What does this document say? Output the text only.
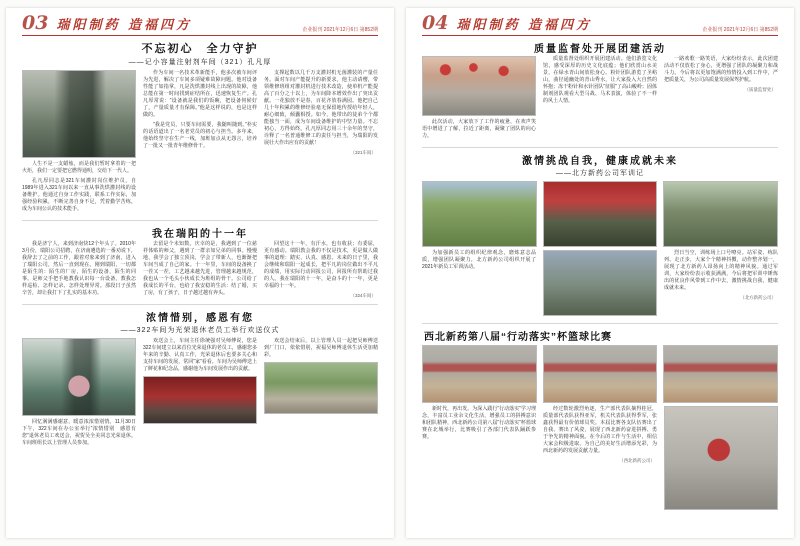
03 瑞阳制药 造福四方	企业报刊 2021年12月6日 第852期
不忘初心　全力守护
——记小容量注射剂车间（321）孔凡厚

人生不是一支蜡烛，而是我们暂时拿着的一把火炬，我们一定要把它燃得通明，交给下一代人。

孔凡厚同志是321车间灌封岗位维护员，自1989年进入321车间以来一直从事洗烘灌封线的设备维护。他通过自身工作实践，联系工作实际，加强经验积累，不断完善自身不足，凭着勤学苦练，成为车间公认的技术能手。

作为车间一名技术革新能手，他多次被车间评为先进，解决了车间多项疑难故障问题。他对设备性能了如指掌，凡是洗烘灌封线上出现的故障，他总能在第一时间找到症结所在，迅速恢复生产。孔凡厚常说：“设备就是我们的饭碗，把设备伺候好了，产量质量才有保障。”他是这样说的，也是这样做的。

“我是党员，只要车间需要，我随叫随到。”朴实的话语道出了一名老党员的初心与担当。多年来，他始终坚守在生产一线，加班加点从无怨言，培养了一批又一批青年维修骨干。

支撑起数以几千万支灌封机无菌灌装的产量任务。面对车间产能提升的新要求，他主动请缨，带领维修班组对灌封机进行技术改造，使单机产能提高了百分之十以上，为车间降本增效作出了突出贡献。一花独放不是春，百花齐放春满园。他把自己几十年积累的维修经验毫无保留地传授给年轻人，耐心细致，倾囊相授。如今，他带出的徒弟个个都能独当一面，成为车间设备维护的中坚力量。不忘初心，方得始终。孔凡厚同志用三十余年的坚守，诠释了一名普通维修工的责任与担当，为瑞阳的发展壮大作出应有的贡献！

（321车间）
我在瑞阳的十一年

我是济宁人，来到济南快12个年头了。2010年3月份，瑞阳公司招聘，在济南遴选的一番劝说下，我辞去了之前的工作，跟着对象来到了济南，进入了瑞阳公司，然后一直到现在。刚到瑞阳，一切都是陌生的：陌生的厂房，陌生的设备，陌生的同事。是师父手把手地教我认识每一台设备，教我怎样巡检、怎样记录、怎样处理异常。那段日子虽然辛苦，却让我打下了扎实的基本功。

去留是个未知数。庆幸的是，我遇到了一位慈祥体贴的师父，遇到了一群亲如兄弟的同事。慢慢地，我学会了独立顶岗，学会了带新人，也渐渐把车间当成了自己的家。十一年里，车间的设备换了一茬又一茬，工艺越来越先进，管理越来越规范，我也从一个毛头小伙成长为班组的骨干。公司给了我成长的平台，也给了我安稳的生活：结了婚，买了房，有了孩子，日子越过越有奔头。

回望这十一年，有汗水，也有收获；有委屈，更有感动。瑞阳教会我的不仅是技术，更是做人做事的道理：踏实、认真、感恩。未来的日子里，我会继续和瑞阳一起成长，把平凡的岗位做出不平凡的成绩，用实际行动回报公司，回报所有帮助过我的人。我在瑞阳的十一年，是奋斗的十一年，更是幸福的十一年。

（324车间）
浓情惜别，感恩有您
——322车间为光荣退休老员工举行欢送仪式

回忆满满感谢意，暖意浓浓惜别情。11月30日下午，322车间在办公室举行“浓情惜别　感恩有您”退休老员工欢送会，祝贺吴全美同志光荣退休。车间班组长以上管理人员参加。

欢送会上，车间主任徐统强对吴师傅说，您是322车间建立以来首位光荣退休的老员工，感谢您多年来的辛勤、认真工作，光荣退休后也要多关心和支持车间的发展，常回“家”看看。车间为吴师傅送上了鲜花和纪念品，感谢他为车间发展作出的贡献。

欢送会结束后，以上管理人员一起把吴师傅送到厂门口，依依惜别，祝福吴师傅退休生活更加精彩。

04 瑞阳制药 造福四方	企业报刊 2021年12月6日 第852期
质量监督处开展团建活动

此次活动，大家放下了工作的疲惫，在欢声笑语中增进了了解，拉近了距离，凝聚了团队的向心力。

质量监督处组织开展团建活动。他们游览文化馆，感受深厚的历史文化底蕴；他们欣赏山水美景，在绿水青山间放松身心。粉针团队游览了圣峪山，曲径通幽处的青山秀水，让大家投入大自然的怀抱；冻干粉针和水针团队“征服”了高山峻岭；固体制剂团队观看大型马战、马术表演，体验了不一样的风土人情。

一路欢歌一路笑语，大家纷纷表示，此次团建活动不仅放松了身心，更增强了团队的凝聚力和战斗力。今后将以更加饱满的热情投入到工作中，严把质量关，为公司高质量发展保驾护航。

（质量监督处）
激情挑战自我，健康成就未来
——北方新药公司军训记

为加强新员工的组织纪律观念，磨炼意志品质，增强团队凝聚力，北方新药公司组织开展了2021年新员工军训活动。

烈日当空，训练场上口号嘹亮。站军姿、练队列、走正步，大家个个精神抖擞，动作整齐划一，展现了北方新药人昂扬向上的精神风貌。通过军训，大家纷纷表示收获满满，今后将把军训中锤炼出的优良作风带到工作中去，激情挑战自我，健康成就未来。

（北方新药公司）
西北新药第八届“行动落实”杯篮球比赛

新时代，再出发。为深入践行“行动落实”学习理念，丰富员工业余文化生活，增强员工的拼搏意识和团队精神，西北新药公司第八届“行动落实”杯篮球赛在北城举行，比赛吸引了各部门代表队踊跃参赛。

经过数轮激烈角逐，生产部代表队摘得桂冠，质量部代表队获得亚军，机关代表队获得季军，张鑫获得最有价值球员奖。本届比赛各支队伍赛出了自我、赛出了风姿，展现了西北新药奋进拼搏、勇于争先的精神面貌。在今后的工作与生活中，相信大家会积极进取，为自己的美好生活增添光彩，为西北新药的发展贡献力量。

（西北新药公司）
